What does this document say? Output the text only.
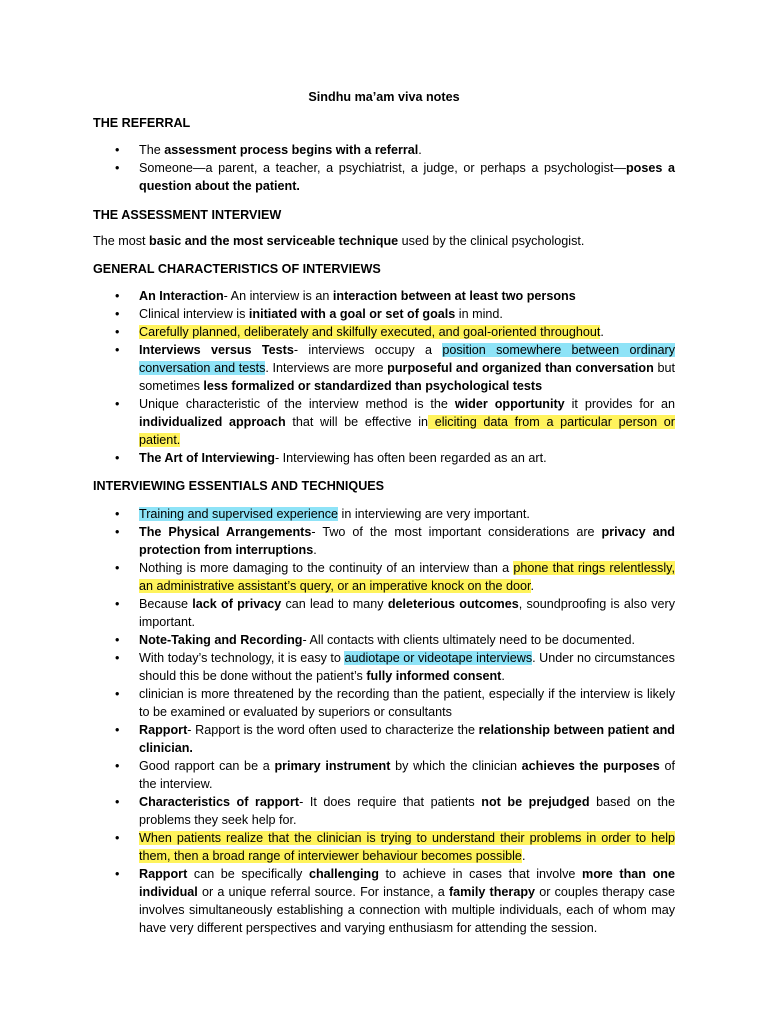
Sindhu ma’am viva notes
THE REFERRAL
• The assessment process begins with a referral.
• Someone—a parent, a teacher, a psychiatrist, a judge, or perhaps a psychologist—poses a question about the patient.
THE ASSESSMENT INTERVIEW
The most basic and the most serviceable technique used by the clinical psychologist.
GENERAL CHARACTERISTICS OF INTERVIEWS
• An Interaction- An interview is an interaction between at least two persons
• Clinical interview is initiated with a goal or set of goals in mind.
• Carefully planned, deliberately and skilfully executed, and goal-oriented throughout.
• Interviews versus Tests- interviews occupy a position somewhere between ordinary conversation and tests. Interviews are more purposeful and organized than conversation but sometimes less formalized or standardized than psychological tests
• Unique characteristic of the interview method is the wider opportunity it provides for an individualized approach that will be effective in eliciting data from a particular person or patient.
• The Art of Interviewing- Interviewing has often been regarded as an art.
INTERVIEWING ESSENTIALS AND TECHNIQUES
• Training and supervised experience in interviewing are very important.
• The Physical Arrangements- Two of the most important considerations are privacy and protection from interruptions.
• Nothing is more damaging to the continuity of an interview than a phone that rings relentlessly, an administrative assistant’s query, or an imperative knock on the door.
• Because lack of privacy can lead to many deleterious outcomes, soundproofing is also very important.
• Note-Taking and Recording- All contacts with clients ultimately need to be documented.
• With today’s technology, it is easy to audiotape or videotape interviews. Under no circumstances should this be done without the patient’s fully informed consent.
• clinician is more threatened by the recording than the patient, especially if the interview is likely to be examined or evaluated by superiors or consultants
• Rapport- Rapport is the word often used to characterize the relationship between patient and clinician.
• Good rapport can be a primary instrument by which the clinician achieves the purposes of the interview.
• Characteristics of rapport- It does require that patients not be prejudged based on the problems they seek help for.
• When patients realize that the clinician is trying to understand their problems in order to help them, then a broad range of interviewer behaviour becomes possible.
• Rapport can be specifically challenging to achieve in cases that involve more than one individual or a unique referral source. For instance, a family therapy or couples therapy case involves simultaneously establishing a connection with multiple individuals, each of whom may have very different perspectives and varying enthusiasm for attending the session.
